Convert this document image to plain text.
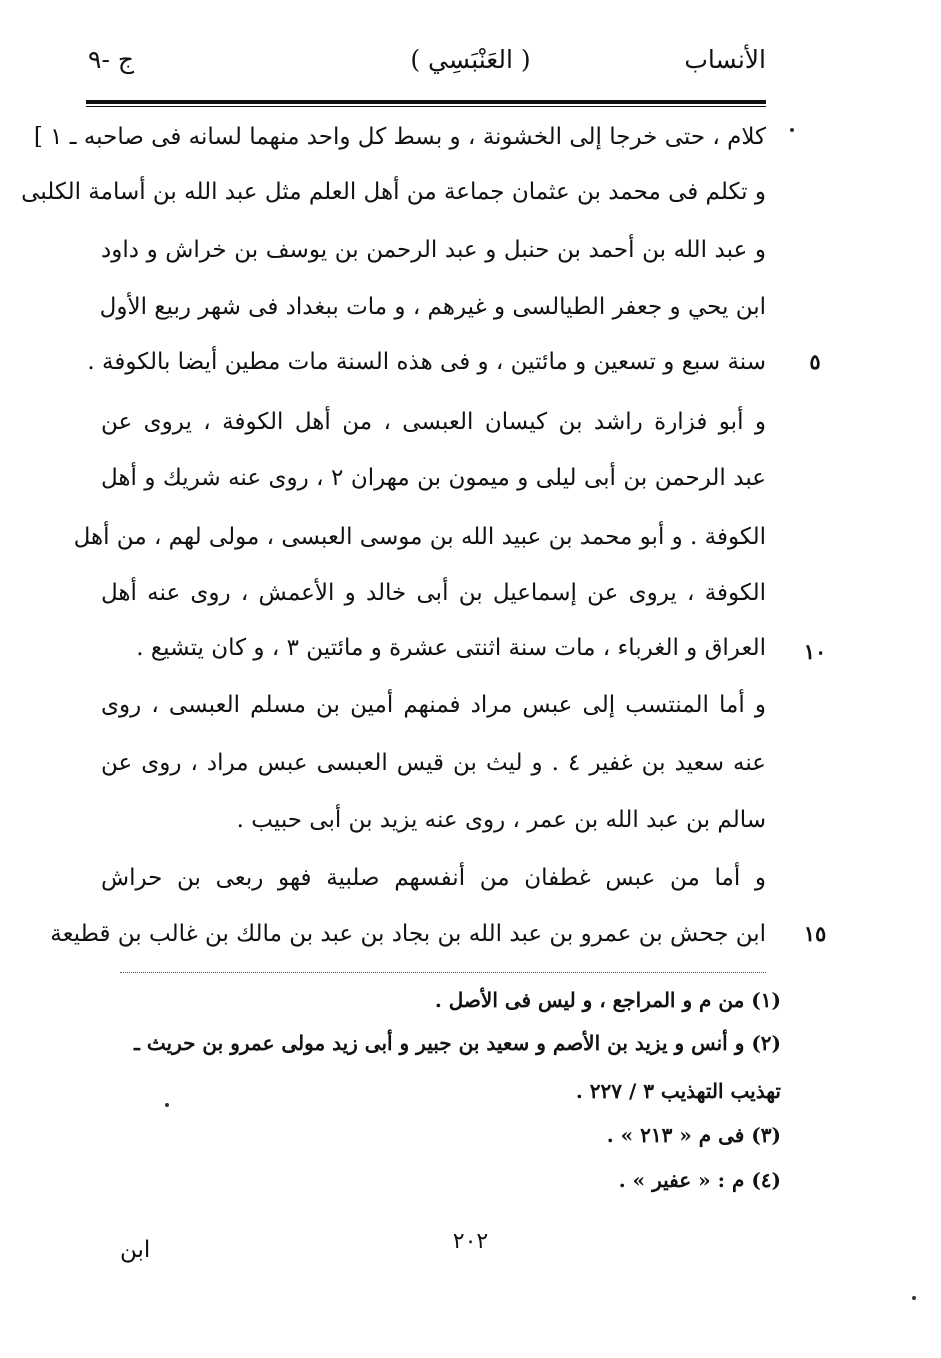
الأنساب
( العَنْبَسِي )
ج -٩
كلام ، حتى خرجا إلى الخشونة ، و بسط كل واحد منهما لسانه فى صاحبه ـ ١ ]
و تكلم فى محمد بن عثمان جماعة من أهل العلم مثل عبد الله بن أسامة الكلبى
و عبد الله بن أحمد بن حنبل و عبد الرحمن بن يوسف بن خراش و داود
ابن يحي و جعفر الطيالسى و غيرهم ، و مات ببغداد فى شهر ربيع الأول
سنة سبع و تسعين و مائتين ، و فى هذه السنة مات مطين أيضا بالكوفة .
و أبو فزارة راشد بن كيسان العبسى ، من أهل الكوفة ، يروى عن
عبد الرحمن بن أبى ليلى و ميمون بن مهران ٢ ، روى عنه شريك و أهل
الكوفة . و أبو محمد بن عبيد الله بن موسى العبسى ، مولى لهم ، من أهل
الكوفة ، يروى عن إسماعيل بن أبى خالد و الأعمش ، روى عنه أهل
العراق و الغرباء ، مات سنة اثنتى عشرة و مائتين ٣ ، و كان يتشيع .
و أما المنتسب إلى عبس مراد فمنهم أمين بن مسلم العبسى ، روى
عنه سعيد بن غفير ٤ . و ليث بن قيس العبسى عبس مراد ، روى عن
سالم بن عبد الله بن عمر ، روى عنه يزيد بن أبى حبيب .
و أما من عبس غطفان من أنفسهم صلبية فهو ربعى بن حراش
ابن جحش بن عمرو بن عبد الله بن بجاد بن عبد بن مالك بن غالب بن قطيعة
٥
١٠
١٥
(١) من م و المراجع ، و ليس فى الأصل .
(٢) و أنس و يزيد بن الأصم و سعيد بن جبير و أبى زيد مولى عمرو بن حريث ـ
تهذيب التهذيب ٣ / ٢٢٧ .
(٣) فى م « ٢١٣ » .
(٤) م : « عفير » .
٢٠٢
ابن
